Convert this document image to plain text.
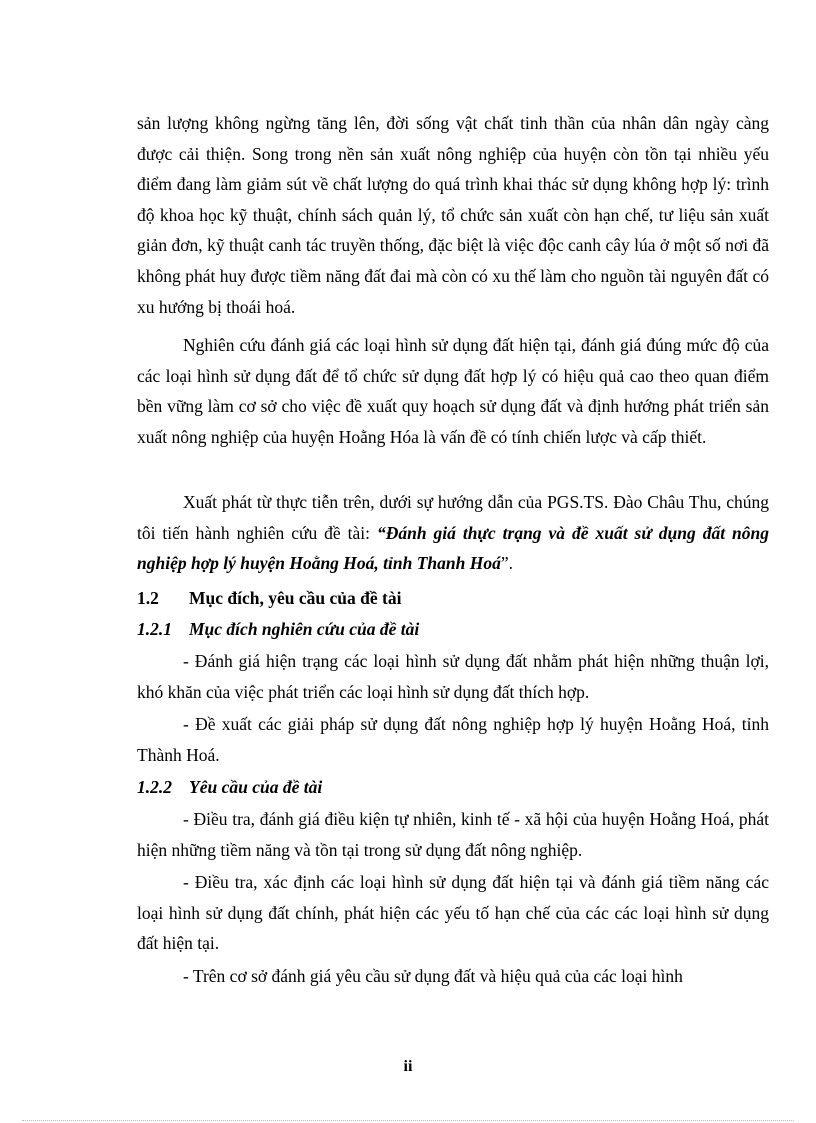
sản lượng không ngừng tăng lên, đời sống vật chất tinh thần của nhân dân ngày càng được cải thiện. Song trong nền sản xuất nông nghiệp của huyện còn tồn tại nhiều yếu điểm đang làm giảm sút về chất lượng do quá trình khai thác sử dụng không hợp lý: trình độ khoa học kỹ thuật, chính sách quản lý, tổ chức sản xuất còn hạn chế, tư liệu sản xuất giản đơn, kỹ thuật canh tác truyền thống, đặc biệt là việc độc canh cây lúa ở một số nơi đã không phát huy được tiềm năng đất đai mà còn có xu thế làm cho nguồn tài nguyên đất có xu hướng bị thoái hoá.

Nghiên cứu đánh giá các loại hình sử dụng đất hiện tại, đánh giá đúng mức độ của các loại hình sử dụng đất để tổ chức sử dụng đất hợp lý có hiệu quả cao theo quan điểm bền vững làm cơ sở cho việc đề xuất quy hoạch sử dụng đất và định hướng phát triển sản xuất nông nghiệp của huyện Hoằng Hóa là vấn đề có tính chiến lược và cấp thiết.

Xuất phát từ thực tiễn trên, dưới sự hướng dẫn của PGS.TS. Đào Châu Thu, chúng tôi tiến hành nghiên cứu đề tài: “Đánh giá thực trạng và đề xuất sử dụng đất nông nghiệp hợp lý huyện Hoằng Hoá, tỉnh Thanh Hoá”.

1.2 Mục đích, yêu cầu của đề tài
1.2.1 Mục đích nghiên cứu của đề tài

- Đánh giá hiện trạng các loại hình sử dụng đất nhằm phát hiện những thuận lợi, khó khăn của việc phát triển các loại hình sử dụng đất thích hợp.

- Đề xuất các giải pháp sử dụng đất nông nghiệp hợp lý huyện Hoằng Hoá, tỉnh Thành Hoá.

1.2.2 Yêu cầu của đề tài

- Điều tra, đánh giá điều kiện tự nhiên, kinh tế - xã hội của huyện Hoằng Hoá, phát hiện những tiềm năng và tồn tại trong sử dụng đất nông nghiệp.

- Điều tra, xác định các loại hình sử dụng đất hiện tại và đánh giá tiềm năng các loại hình sử dụng đất chính, phát hiện các yếu tố hạn chế của các các loại hình sử dụng đất hiện tại.

- Trên cơ sở đánh giá yêu cầu sử dụng đất và hiệu quả của các loại hình

ii
